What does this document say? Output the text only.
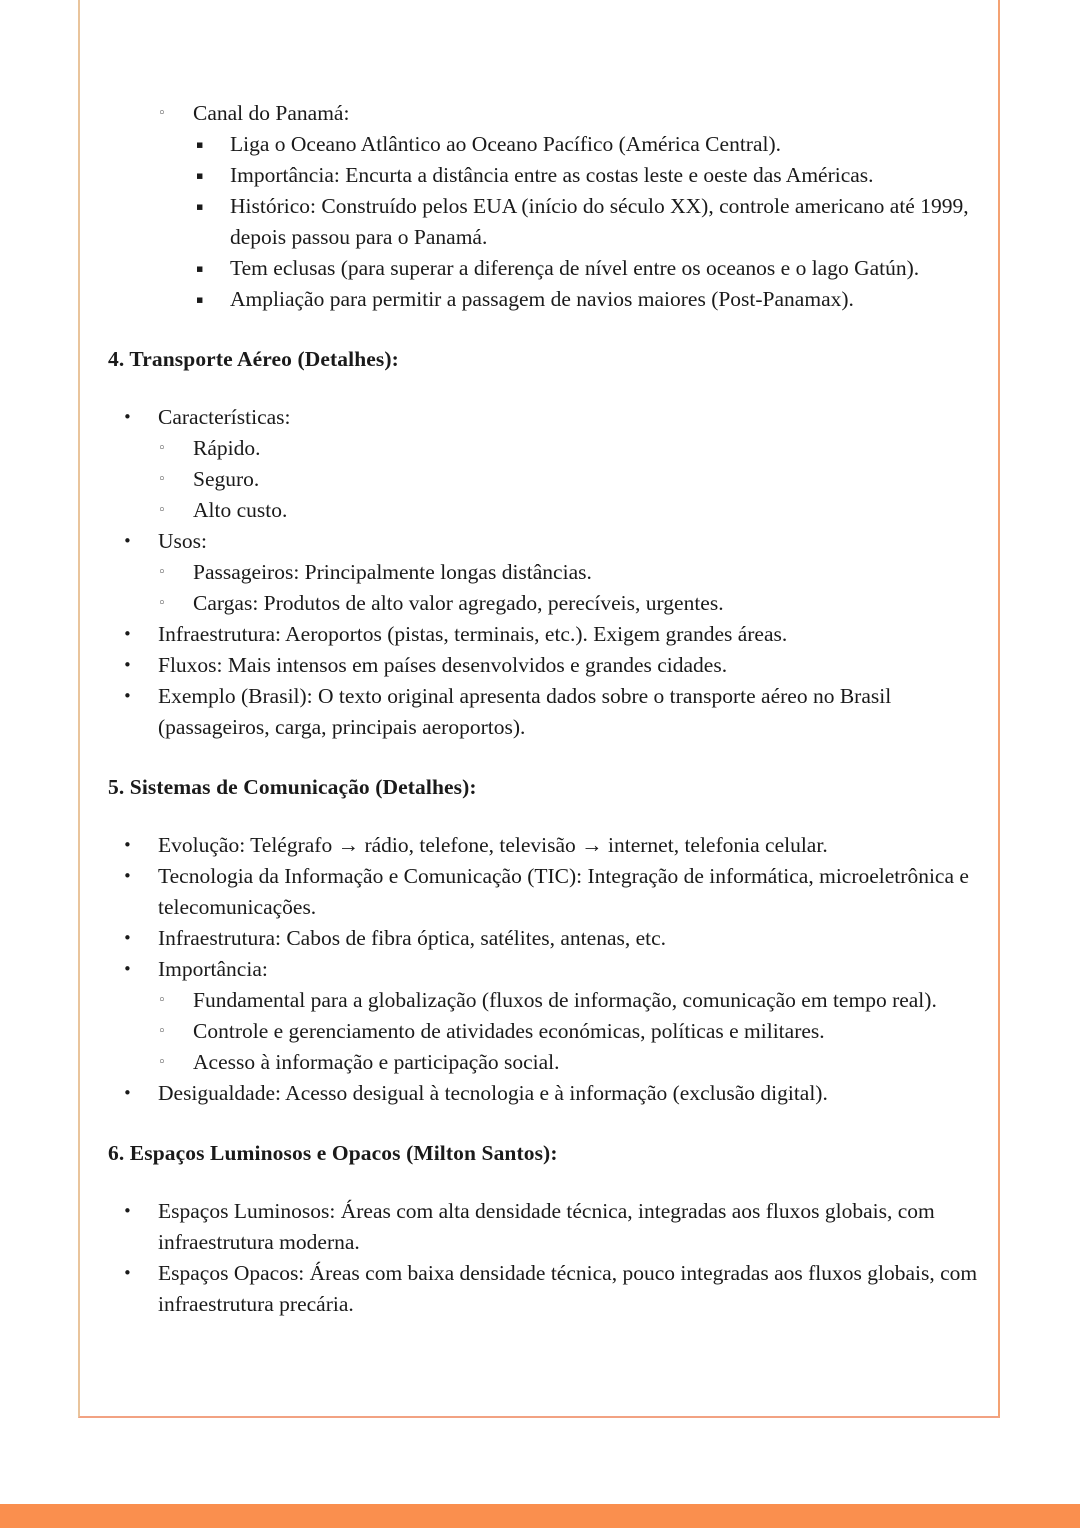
◦	Canal do Panamá:
▪	Liga o Oceano Atlântico ao Oceano Pacífico (América Central).
▪	Importância: Encurta a distância entre as costas leste e oeste das Américas.
▪	Histórico: Construído pelos EUA (início do século XX), controle americano até 1999, depois passou para o Panamá.
▪	Tem eclusas (para superar a diferença de nível entre os oceanos e o lago Gatún).
▪	Ampliação para permitir a passagem de navios maiores (Post-Panamax).
4. Transporte Aéreo (Detalhes):
•	Características:
◦	Rápido.
◦	Seguro.
◦	Alto custo.
•	Usos:
◦	Passageiros: Principalmente longas distâncias.
◦	Cargas: Produtos de alto valor agregado, perecíveis, urgentes.
•	Infraestrutura: Aeroportos (pistas, terminais, etc.). Exigem grandes áreas.
•	Fluxos: Mais intensos em países desenvolvidos e grandes cidades.
•	Exemplo (Brasil): O texto original apresenta dados sobre o transporte aéreo no Brasil (passageiros, carga, principais aeroportos).
5. Sistemas de Comunicação (Detalhes):
•	Evolução: Telégrafo → rádio, telefone, televisão → internet, telefonia celular.
•	Tecnologia da Informação e Comunicação (TIC): Integração de informática, microeletrônica e telecomunicações.
•	Infraestrutura: Cabos de fibra óptica, satélites, antenas, etc.
•	Importância:
◦	Fundamental para a globalização (fluxos de informação, comunicação em tempo real).
◦	Controle e gerenciamento de atividades económicas, políticas e militares.
◦	Acesso à informação e participação social.
•	Desigualdade: Acesso desigual à tecnologia e à informação (exclusão digital).
6. Espaços Luminosos e Opacos (Milton Santos):
•	Espaços Luminosos: Áreas com alta densidade técnica, integradas aos fluxos globais, com infraestrutura moderna.
•	Espaços Opacos: Áreas com baixa densidade técnica, pouco integradas aos fluxos globais, com infraestrutura precária.
